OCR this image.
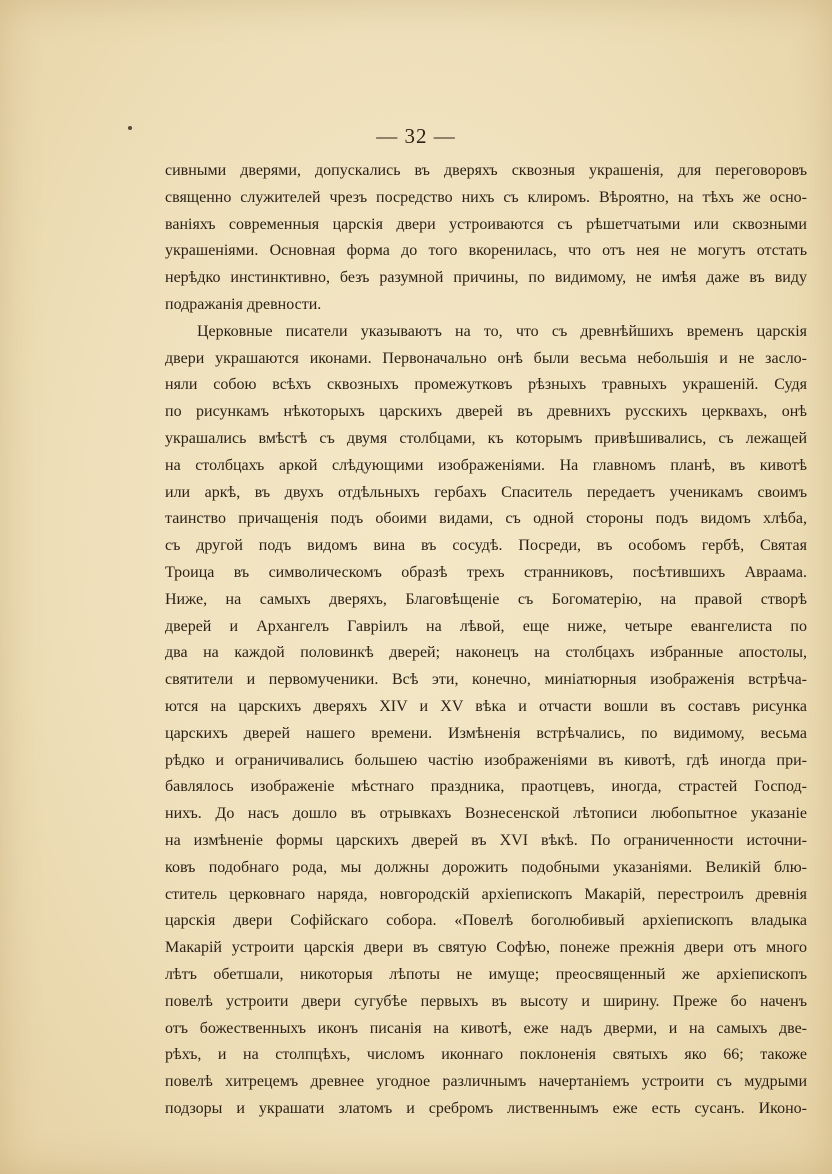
— 32 —
сивными дверями, допускались въ дверяхъ сквозныя украшенія, для переговоровъ
священно служителей чрезъ посредство нихъ съ клиромъ. Вѣроятно, на тѣхъ же осно-
ваніяхъ современныя царскія двери устроиваются съ рѣшетчатыми или сквозными
украшеніями. Основная форма до того вкоренилась, что отъ нея не могутъ отстать
нерѣдко инстинктивно, безъ разумной причины, по видимому, не имѣя даже въ виду
подражанія древности.
Церковные писатели указываютъ на то, что съ древнѣйшихъ временъ царскія
двери украшаются иконами. Первоначально онѣ были весьма небольшія и не засло-
няли собою всѣхъ сквозныхъ промежутковъ рѣзныхъ травныхъ украшеній. Судя
по рисункамъ нѣкоторыхъ царскихъ дверей въ древнихъ русскихъ церквахъ, онѣ
украшались вмѣстѣ съ двумя столбцами, къ которымъ привѣшивались, съ лежащей
на столбцахъ аркой слѣдующими изображеніями. На главномъ планѣ, въ кивотѣ
или аркѣ, въ двухъ отдѣльныхъ гербахъ Спаситель передаетъ ученикамъ своимъ
таинство причащенія подъ обоими видами, съ одной стороны подъ видомъ хлѣба,
съ другой подъ видомъ вина въ сосудѣ. Посреди, въ особомъ гербѣ, Святая
Троица въ символическомъ образѣ трехъ странниковъ, посѣтившихъ Авраама.
Ниже, на самыхъ дверяхъ, Благовѣщеніе съ Богоматерію, на правой створѣ
дверей и Архангелъ Гавріилъ на лѣвой, еще ниже, четыре евангелиста по
два на каждой половинкѣ дверей; наконецъ на столбцахъ избранные апостолы,
святители и первомученики. Всѣ эти, конечно, миніатюрныя изображенія встрѣча-
ются на царскихъ дверяхъ XIV и XV вѣка и отчасти вошли въ составъ рисунка
царскихъ дверей нашего времени. Измѣненія встрѣчались, по видимому, весьма
рѣдко и ограничивались большею частію изображеніями въ кивотѣ, гдѣ иногда при-
бавлялось изображеніе мѣстнаго праздника, праотцевъ, иногда, страстей Господ-
нихъ. До насъ дошло въ отрывкахъ Вознесенской лѣтописи любопытное указаніе
на измѣненіе формы царскихъ дверей въ XVI вѣкѣ. По ограниченности источни-
ковъ подобнаго рода, мы должны дорожить подобными указаніями. Великій блю-
ститель церковнаго наряда, новгородскій архіепископъ Макарій, перестроилъ древнія
царскія двери Софійскаго собора. «Повелѣ боголюбивый архіепископъ владыка
Макарій устроити царскія двери въ святую Софѣю, понеже прежнія двери отъ много
лѣтъ обетшали, никоторыя лѣпоты не имуще; преосвященный же архіепископъ
повелѣ устроити двери сугубѣе первыхъ въ высоту и ширину. Преже бо наченъ
отъ божественныхъ иконъ писанія на кивотѣ, еже надъ дверми, и на самыхъ две-
рѣхъ, и на столпцѣхъ, числомъ иконнаго поклоненія святыхъ яко 66; такоже
повелѣ хитрецемъ древнее угодное различнымъ начертаніемъ устроити съ мудрыми
подзоры и украшати златомъ и сребромъ лиственнымъ еже есть сусанъ. Иконо-
